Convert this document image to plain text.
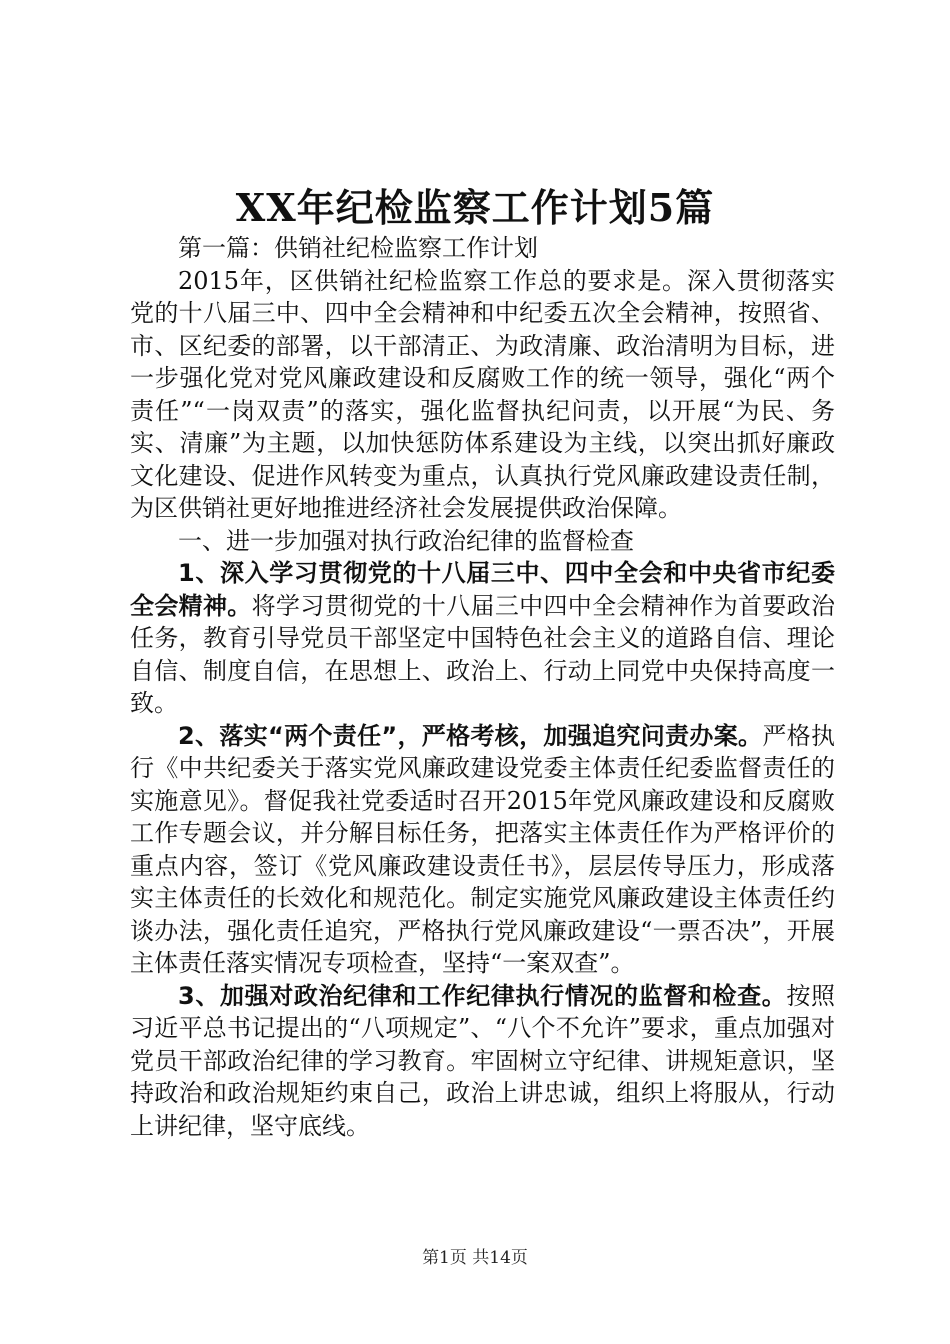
XX年纪检监察工作计划5篇

第一篇：供销社纪检监察工作计划

2015年，区供销社纪检监察工作总的要求是。深入贯彻落实党的十八届三中、四中全会精神和中纪委五次全会精神，按照省、市、区纪委的部署，以干部清正、为政清廉、政治清明为目标，进一步强化党对党风廉政建设和反腐败工作的统一领导，强化“两个责任”“一岗双责”的落实，强化监督执纪问责，以开展“为民、务实、清廉”为主题，以加快惩防体系建设为主线，以突出抓好廉政文化建设、促进作风转变为重点，认真执行党风廉政建设责任制，为区供销社更好地推进经济社会发展提供政治保障。

一、进一步加强对执行政治纪律的监督检查

1、深入学习贯彻党的十八届三中、四中全会和中央省市纪委全会精神。将学习贯彻党的十八届三中四中全会精神作为首要政治任务，教育引导党员干部坚定中国特色社会主义的道路自信、理论自信、制度自信，在思想上、政治上、行动上同党中央保持高度一致。

2、落实“两个责任”，严格考核，加强追究问责办案。严格执行《中共纪委关于落实党风廉政建设党委主体责任纪委监督责任的实施意见》。督促我社党委适时召开2015年党风廉政建设和反腐败工作专题会议，并分解目标任务，把落实主体责任作为严格评价的重点内容，签订《党风廉政建设责任书》，层层传导压力，形成落实主体责任的长效化和规范化。制定实施党风廉政建设主体责任约谈办法，强化责任追究，严格执行党风廉政建设“一票否决”，开展主体责任落实情况专项检查，坚持“一案双查”。

3、加强对政治纪律和工作纪律执行情况的监督和检查。按照习近平总书记提出的“八项规定”、“八个不允许”要求，重点加强对党员干部政治纪律的学习教育。牢固树立守纪律、讲规矩意识，坚持政治和政治规矩约束自己，政治上讲忠诚，组织上将服从，行动上讲纪律，坚守底线。

第1页 共14页
